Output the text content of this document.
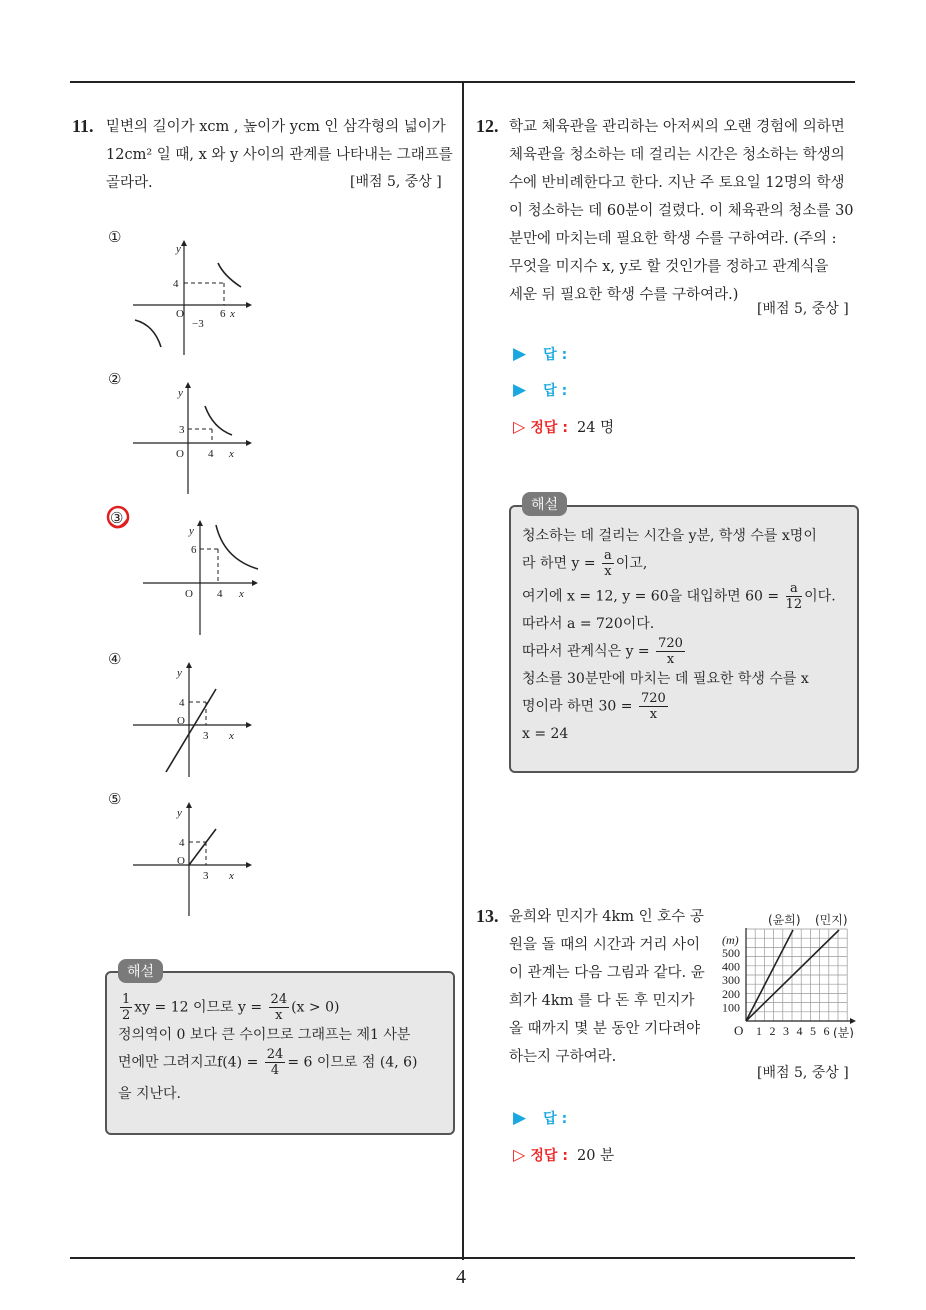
4
11. 밑변의 길이가 xcm , 높이가 ycm 인 삼각형의 넓이가
12cm² 일 때, x 와 y 사이의 관계를 나타내는 그래프를
골라라.	[배점 5, 중상 ]
①
y
4
O
−3
6 x
②
y
3
O 4 x
③
y
6
O 4 x
④
y
4
O
3 x
⑤
y
4
O
3 x
해설
$\frac{1}{2}$ xy = 12 이므로 $y = \frac{24}{x} (x > 0)$
정의역이 0 보다 큰 수이므로 그래프는 제1 사분
면에만 그려지고$f(4) = \frac{24}{4} = 6$ 이므로 점 (4, 6)
을 지난다.
12. 학교 체육관을 관리하는 아저씨의 오랜 경험에 의하면
체육관을 청소하는 데 걸리는 시간은 청소하는 학생의
수에 반비례한다고 한다. 지난 주 토요일 12명의 학생
이 청소하는 데 60분이 걸렸다. 이 체육관의 청소를 30
분만에 마치는데 필요한 학생 수를 구하여라. (주의 :
무엇을 미지수 x, y로 할 것인가를 정하고 관계식을
세운 뒤 필요한 학생 수를 구하여라.)
[배점 5, 중상 ]
▶ 답 :
▶ 답 :
▷ 정답 : 24 명
해설
청소하는 데 걸리는 시간을 y분, 학생 수를 x명이
라 하면 $y = \frac{a}{x}$ 이고,
여기에 x = 12, y = 60을 대입하면 $60 = \frac{a}{12}$ 이다.
따라서 a = 720이다.
따라서 관계식은 $y = \frac{720}{x}$
청소를 30분만에 마치는 데 필요한 학생 수를 x
명이라 하면 $30 = \frac{720}{x}$
x = 24
13. 윤희와 민지가 4km 인 호수 공
원을 돌 때의 시간과 거리 사이
이 관계는 다음 그림과 같다. 윤
희가 4km 를 다 돈 후 민지가
올 때까지 몇 분 동안 기다려야
하는지 구하여라.
(윤희) (민지)
(m)
(분)
O
100
200
300
400
500
1 2 3 4 5 6
[배점 5, 중상 ]
▶ 답 :
▷ 정답 : 20 분
